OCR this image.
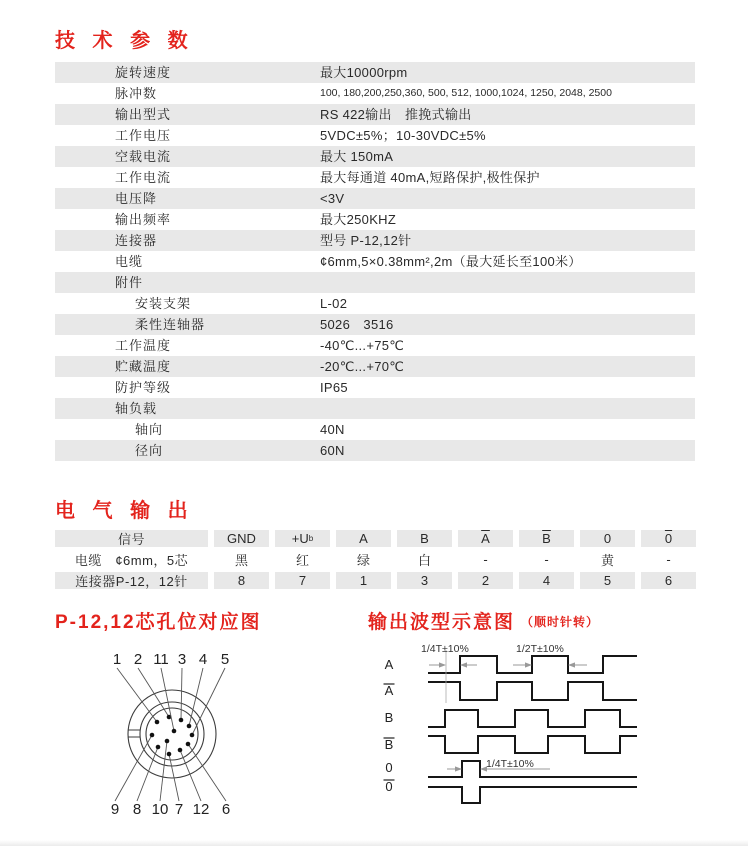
技 术 参 数
旋转速度	最大10000rpm
脉冲数	100, 180,200,250,360, 500, 512, 1000,1024, 1250, 2048, 2500
输出型式	RS 422输出　推挽式输出
工作电压	5VDC±5%；10-30VDC±5%
空载电流	最大 150mA
工作电流	最大每通道 40mA,短路保护,极性保护
电压降	<3V
输出频率	最大250KHZ
连接器	型号 P-12,12针
电缆	¢6mm,5×0.38mm²,2m（最大延长至100米）
附件
安装支架	L-02
柔性连轴器	5026　3516
工作温度	-40℃...+75℃
贮藏温度	-20℃...+70℃
防护等级	IP65
轴负载
轴向	40N
径向	60N
电 气 输 出
信号	GND	+U b	A	B	$\overline{A}$	$\overline{B}$	0	0
电缆　¢6mm，5芯	黑	红	绿	白	-	-	黄	-
连接器P-12，12针	8	7	1	3	2	4	5	6
P-12,12芯孔位对应图	输出波型示意图 （顺时针转）
1 2 11 3 4 5
9 8 10 7 12 6
A
A
B
B
0
0
1/4T±10%	1/2T±10%
1/4T±10%
